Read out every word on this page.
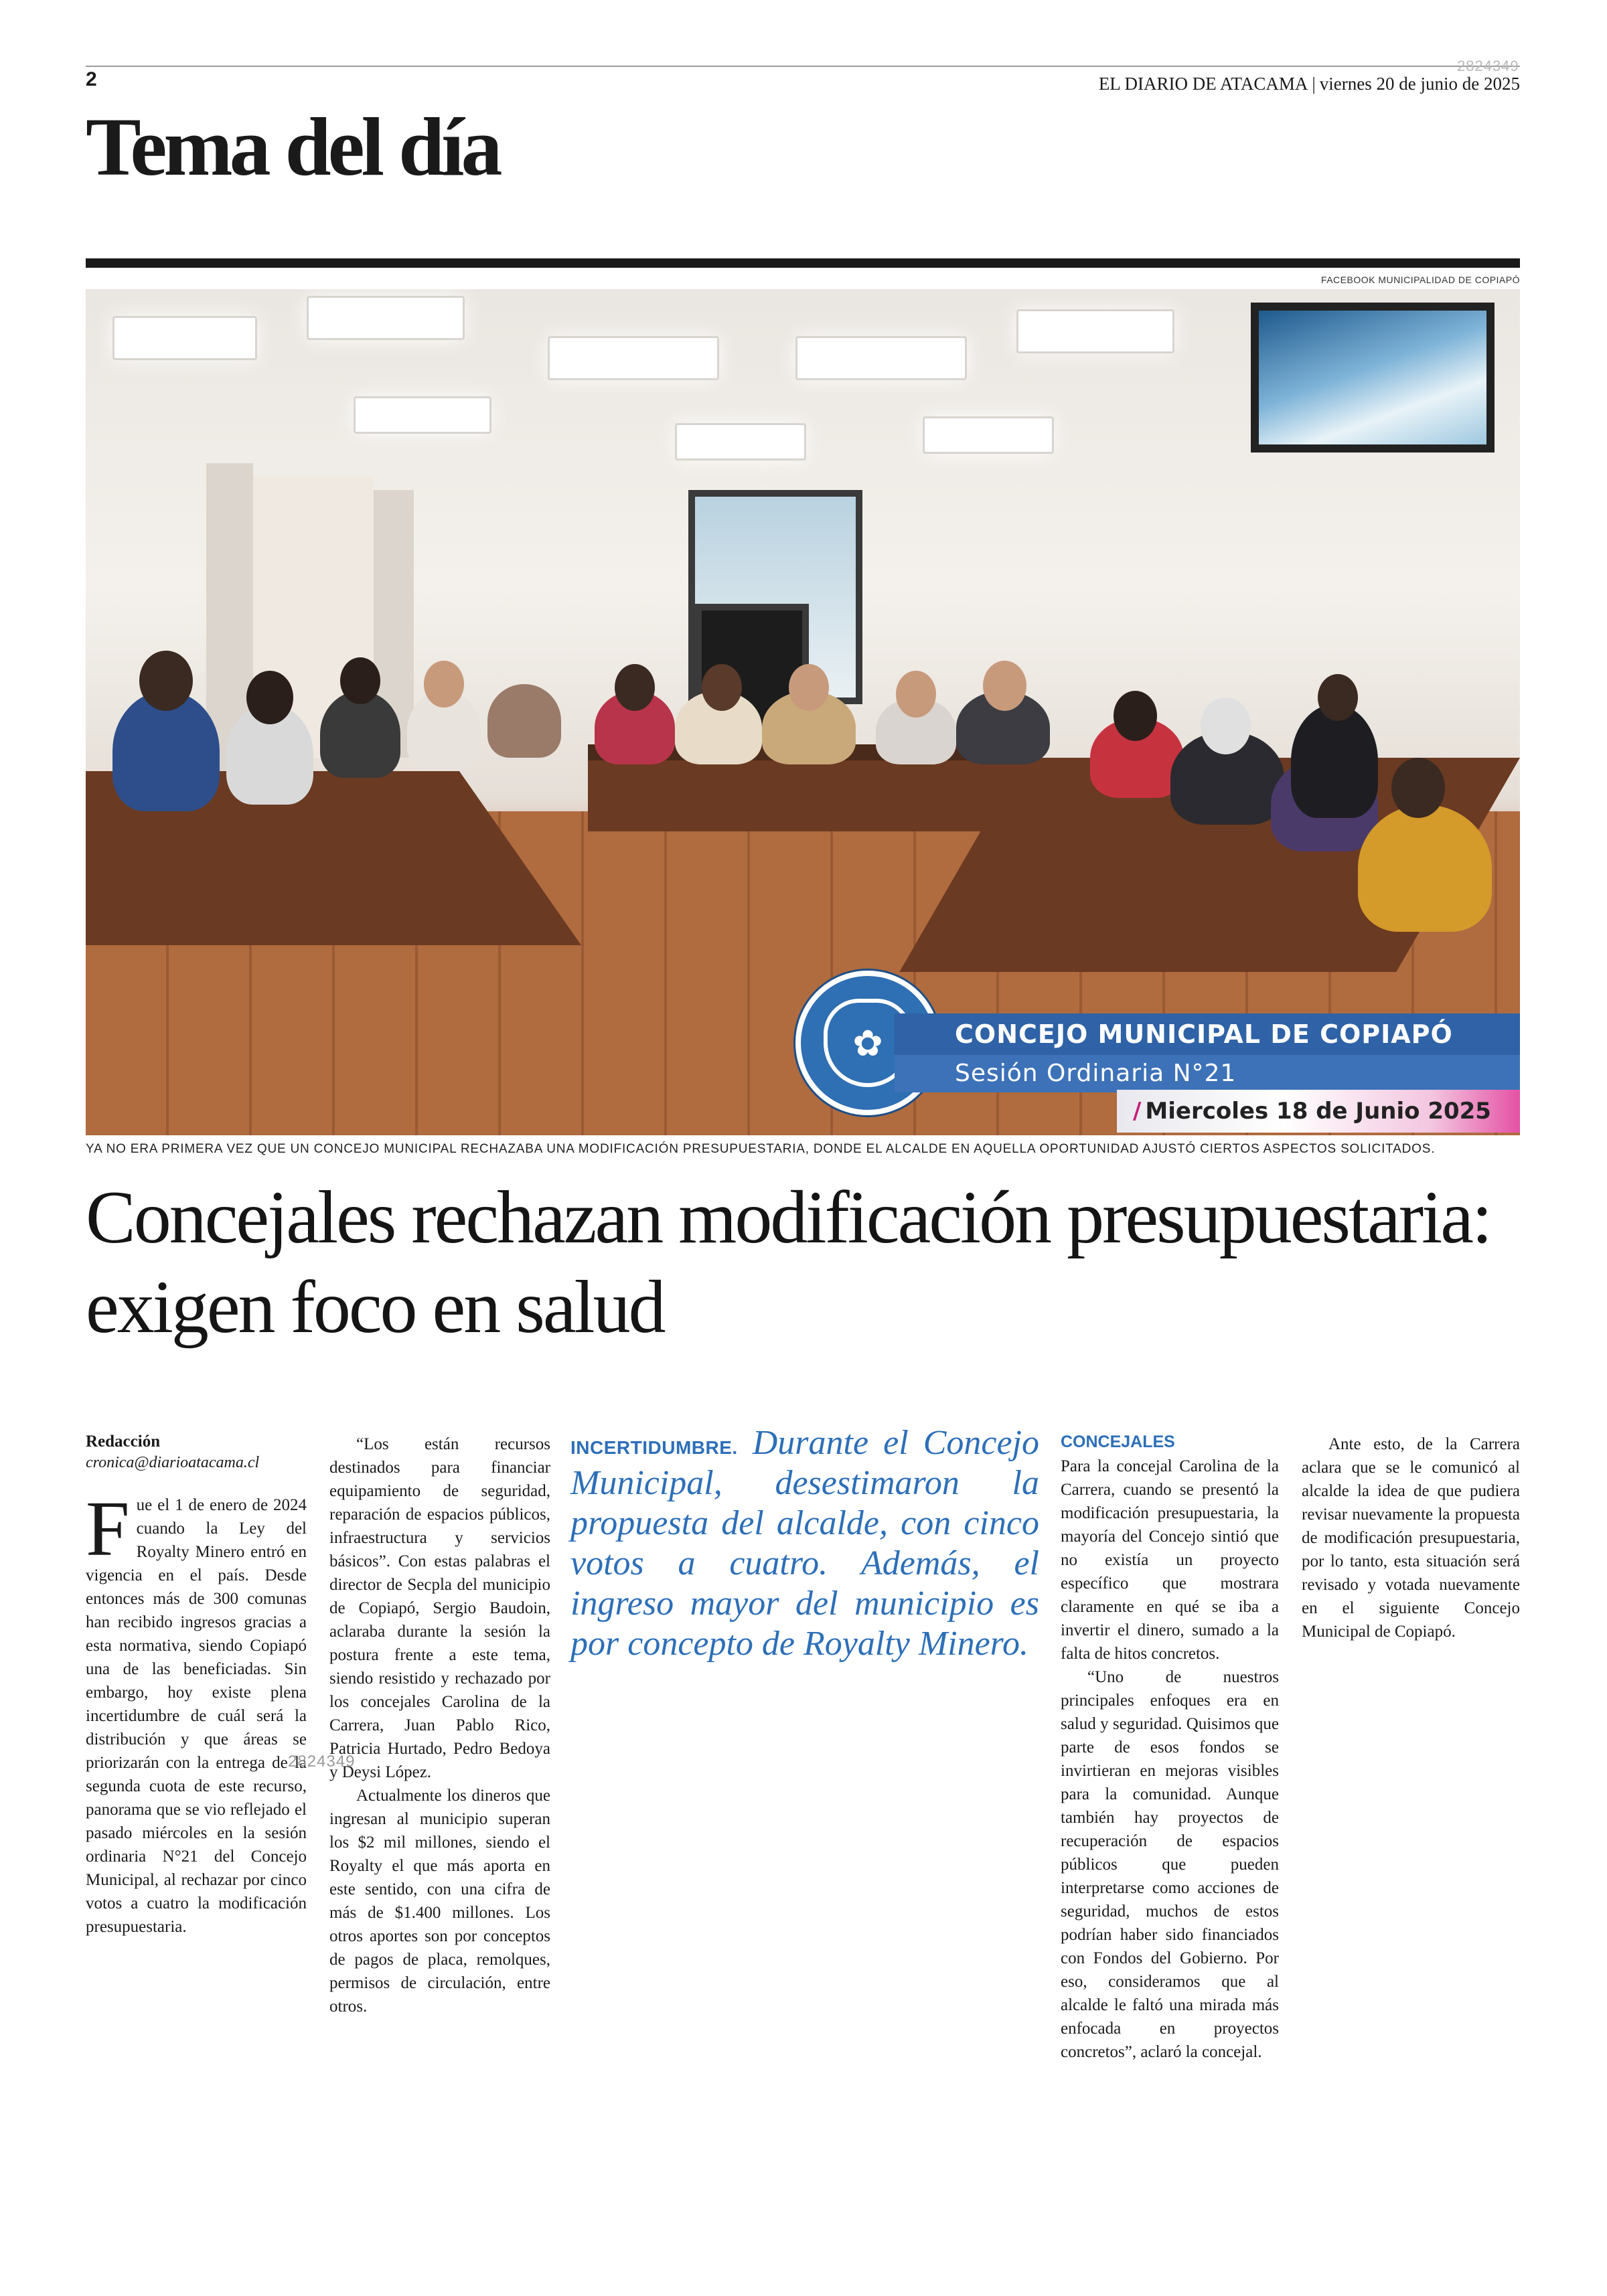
2
2824349
EL DIARIO DE ATACAMA | viernes 20 de junio de 2025
Tema del día
FACEBOOK MUNICIPALIDAD DE COPIAPÓ
✿	CONCEJO MUNICIPAL DE COPIAPÓ
Sesión Ordinaria N°21
/ Miercoles 18 de Junio 2025
YA NO ERA PRIMERA VEZ QUE UN CONCEJO MUNICIPAL RECHAZABA UNA MODIFICACIÓN PRESUPUESTARIA, DONDE EL ALCALDE EN AQUELLA OPORTUNIDAD AJUSTÓ CIERTOS ASPECTOS SOLICITADOS.
Concejales rechazan modificación presupuestaria: exigen foco en salud
Redacción
cronica@diarioatacama.cl

Fue el 1 de enero de 2024 cuando la Ley del Royalty Minero entró en vigencia en el país. Desde entonces más de 300 comunas han recibido ingresos gracias a esta normativa, siendo Copiapó una de las beneficiadas. Sin embargo, hoy existe plena incertidumbre de cuál será la distribución y que áreas se priorizarán con la entrega de la segunda cuota de este recurso, panorama que se vio reflejado el pasado miércoles en la sesión ordinaria N°21 del Concejo Municipal, al rechazar por cinco votos a cuatro la modificación presupuestaria.

“Los están recursos destinados para financiar equipamiento de seguridad, reparación de espacios públicos, infraestructura y servicios básicos”. Con estas palabras el director de Secpla del municipio de Copiapó, Sergio Baudoin, aclaraba durante la sesión la postura frente a este tema, siendo resistido y rechazado por los concejales Carolina de la Carrera, Juan Pablo Rico, Patricia Hurtado, Pedro Bedoya y Deysi López.

Actualmente los dineros que ingresan al municipio superan los $2 mil millones, siendo el Royalty el que más aporta en este sentido, con una cifra de más de $1.400 millones. Los otros aportes son por conceptos de pagos de placa, remolques, permisos de circulación, entre otros.

INCERTIDUMBRE. Durante el Concejo Municipal, desestimaron la propuesta del alcalde, con cinco votos a cuatro. Además, el ingreso mayor del municipio es por concepto de Royalty Minero.
CONCEJALES

Para la concejal Carolina de la Carrera, cuando se presentó la modificación presupuestaria, la mayoría del Concejo sintió que no existía un proyecto específico que mostrara claramente en qué se iba a invertir el dinero, sumado a la falta de hitos concretos.

“Uno de nuestros principales enfoques era en salud y seguridad. Quisimos que parte de esos fondos se invirtieran en mejoras visibles para la comunidad. Aunque también hay proyectos de recuperación de espacios públicos que pueden interpretarse como acciones de seguridad, muchos de estos podrían haber sido financiados con Fondos del Gobierno. Por eso, consideramos que al alcalde le faltó una mirada más enfocada en proyectos concretos”, aclaró la concejal.

Ante esto, de la Carrera aclara que se le comunicó al alcalde la idea de que pudiera revisar nuevamente la propuesta de modificación presupuestaria, por lo tanto, esta situación será revisado y votada nuevamente en el siguiente Concejo Municipal de Copiapó.

2824349
